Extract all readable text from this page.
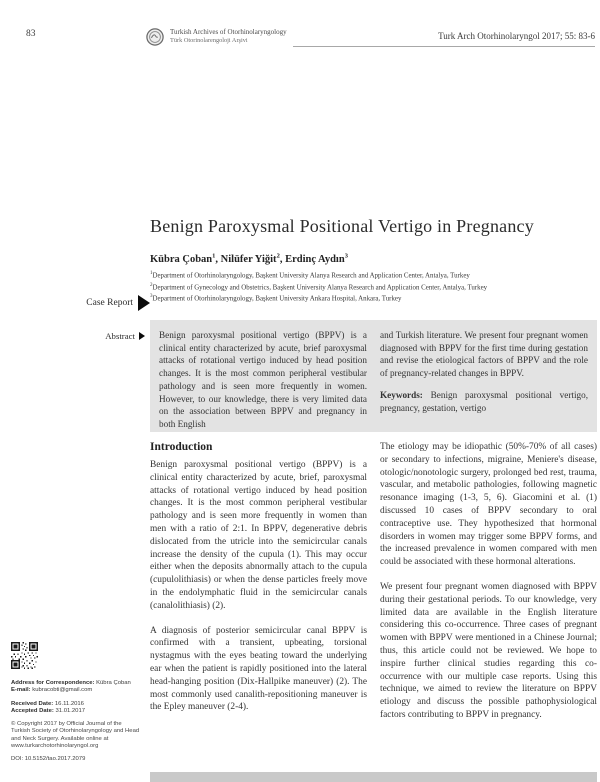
83	Turkish Archives of Otorhinolaryngology
Türk Otorinolarengoloji Arşivi	Turk Arch Otorhinolaryngol 2017; 55: 83-6
Benign Paroxysmal Positional Vertigo in Pregnancy
Kübra Çoban$^1$ , Nilüfer Yiğit$^2$ , Erdinç Aydın$^3$
$^1$Department of Otorhinolaryngology, Başkent University Alanya Research and Application Center, Antalya, Turkey
$^2$Department of Gynecology and Obstetrics, Başkent University Alanya Research and Application Center, Antalya, Turkey
$^3$Department of Otorhinolaryngology, Başkent University Ankara Hospital, Ankara, Turkey
Case Report
Abstract	Benign paroxysmal positional vertigo (BPPV) is a clinical entity characterized by acute, brief paroxysmal attacks of rotational vertigo induced by head position changes. It is the most common peripheral vestibular pathology and is seen more frequently in women. However, to our knowledge, there is very limited data on the association between BPPV and pregnancy in both English

and Turkish literature. We present four pregnant women diagnosed with BPPV for the first time during gestation and revise the etiological factors of BPPV and the role of pregnancy-related changes in BPPV.

Keywords: Benign paroxysmal positional vertigo, pregnancy, gestation, vertigo

Introduction

Benign paroxysmal positional vertigo (BPPV) is a clinical entity characterized by acute, brief, paroxysmal attacks of rotational vertigo induced by head position changes. It is the most common peripheral vestibular pathology and is seen more frequently in women than men with a ratio of 2:1. In BPPV, degenerative debris dislocated from the utricle into the semicircular canals increase the density of the cupula (1). This may occur either when the deposits abnormally attach to the cupula (cupulolithiasis) or when the dense particles freely move in the endolymphatic fluid in the semicircular canals (canalolithiasis) (2).

A diagnosis of posterior semicircular canal BPPV is confirmed with a transient, upbeating, torsional nystagmus with the eyes beating toward the underlying ear when the patient is rapidly positioned into the lateral head-hanging position (Dix-Hallpike maneuver) (2). The most commonly used canalith-repositioning maneuver is the Epley maneuver (2-4).

The etiology may be idiopathic (50%-70% of all cases) or secondary to infections, migraine, Meniere's disease, otologic/nonotologic surgery, prolonged bed rest, trauma, vascular, and metabolic pathologies, following magnetic resonance imaging (1-3, 5, 6). Giacomini et al. (1) discussed 10 cases of BPPV secondary to oral contraceptive use. They hypothesized that hormonal disorders in women may trigger some BPPV forms, and the increased prevalence in women compared with men could be associated with these hormonal alterations.

We present four pregnant women diagnosed with BPPV during their gestational periods. To our knowledge, very limited data are available in the English literature considering this co-occurrence. Three cases of pregnant women with BPPV were mentioned in a Chinese Journal; thus, this article could not be reviewed. We hope to inspire further clinical studies regarding this co-occurrence with our multiple case reports. Using this technique, we aimed to review the literature on BPPV etiology and discuss the possible pathophysiological factors contributing to BPPV in pregnancy.

Address for Correspondence: Kübra Çoban
E-mail: kubracobti@gmail.com
Received Date: 16.11.2016
Accepted Date: 31.01.2017
© Copyright 2017 by Official Journal of the Turkish Society of Otorhinolaryngology and Head and Neck Surgery. Available online at www.turkarchotorhinolaryngol.org
DOI: 10.5152/tao.2017.2079
